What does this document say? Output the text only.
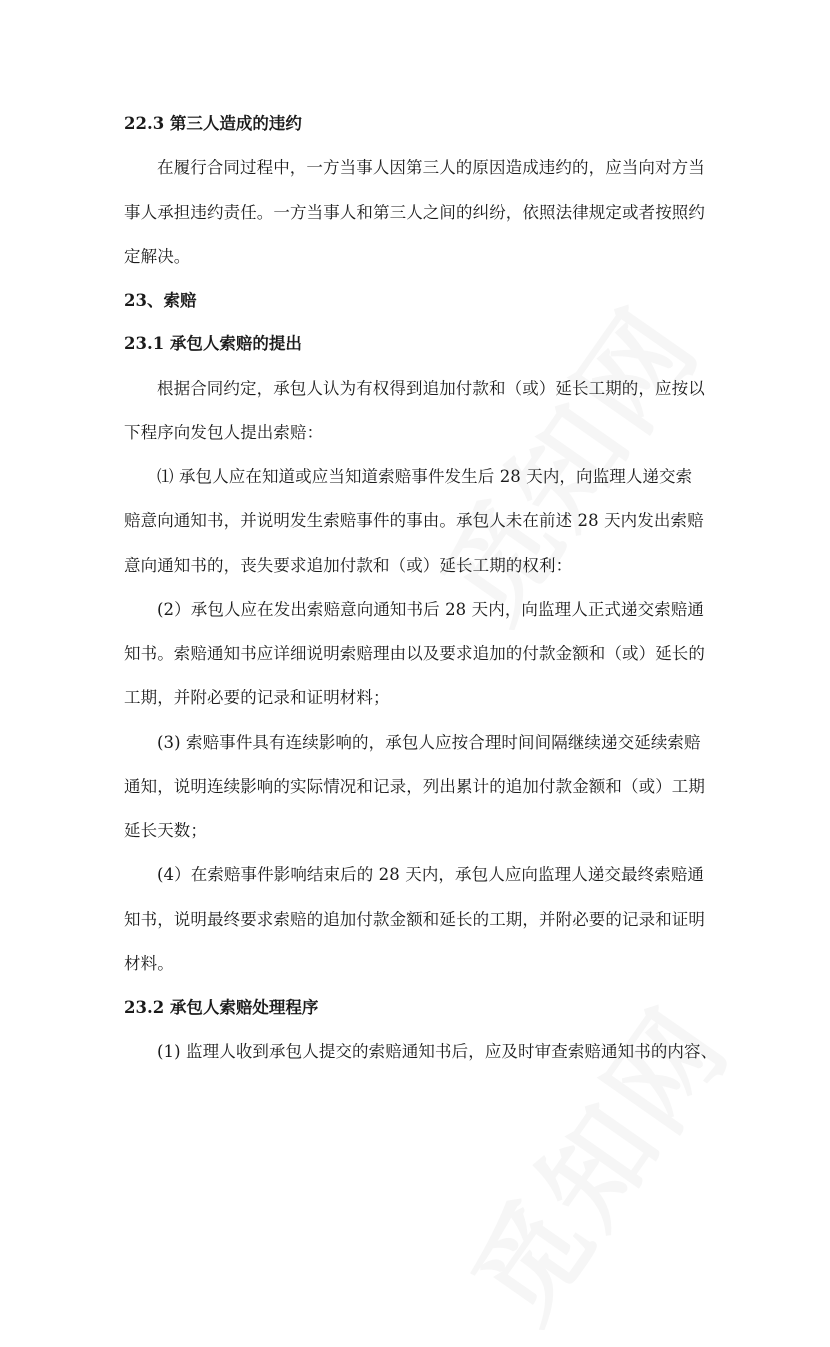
22.3 第三人造成的违约
在履行合同过程中，一方当事人因第三人的原因造成违约的，应当向对方当
事人承担违约责任。一方当事人和第三人之间的纠纷，依照法律规定或者按照约
定解决。
23、索赔
23.1 承包人索赔的提出
根据合同约定，承包人认为有权得到追加付款和（或）延长工期的，应按以
下程序向发包人提出索赔：
⑴ 承包人应在知道或应当知道索赔事件发生后 28 天内，向监理人递交索
赔意向通知书，并说明发生索赔事件的事由。承包人未在前述 28 天内发出索赔
意向通知书的，丧失要求追加付款和（或）延长工期的权利：
(2）承包人应在发出索赔意向通知书后 28 天内，向监理人正式递交索赔通
知书。索赔通知书应详细说明索赔理由以及要求追加的付款金额和（或）延长的
工期，并附必要的记录和证明材料；
(3) 索赔事件具有连续影响的，承包人应按合理时间间隔继续递交延续索赔
通知，说明连续影响的实际情况和记录，列出累计的追加付款金额和（或）工期
延长天数；
(4）在索赔事件影响结束后的 28 天内，承包人应向监理人递交最终索赔通
知书，说明最终要求索赔的追加付款金额和延长的工期，并附必要的记录和证明
材料。
23.2 承包人索赔处理程序
(1) 监理人收到承包人提交的索赔通知书后，应及时审查索赔通知书的内容、
